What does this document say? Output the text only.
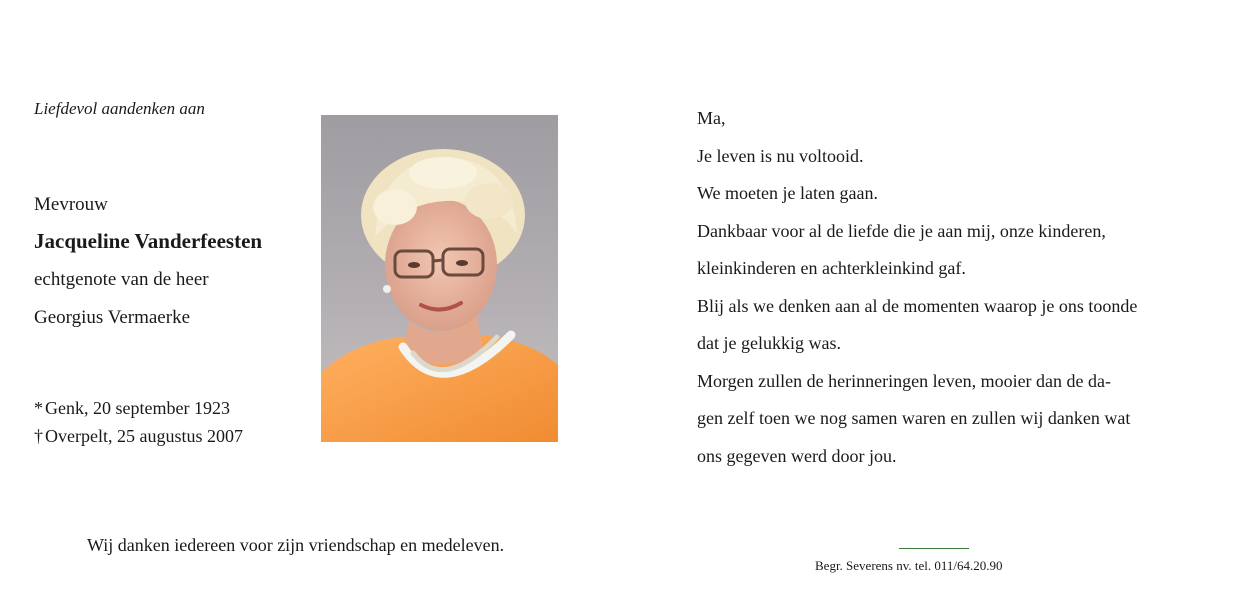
Liefdevol aandenken aan
Mevrouw
Jacqueline Vanderfeesten
echtgenote van de heer
Georgius Vermaerke
* Genk, 20 september 1923
† Overpelt, 25 augustus 2007
Ma,
Je leven is nu voltooid.
We moeten je laten gaan.
Dankbaar voor al de liefde die je aan mij, onze kinderen,
kleinkinderen en achterkleinkind gaf.
Blij als we denken aan al de momenten waarop je ons toonde
dat je gelukkig was.
Morgen zullen de herinneringen leven, mooier dan de da-
gen zelf toen we nog samen waren en zullen wij danken wat
ons gegeven werd door jou.
Wij danken iedereen voor zijn vriendschap en medeleven.
Begr. Severens nv. tel. 011/64.20.90
